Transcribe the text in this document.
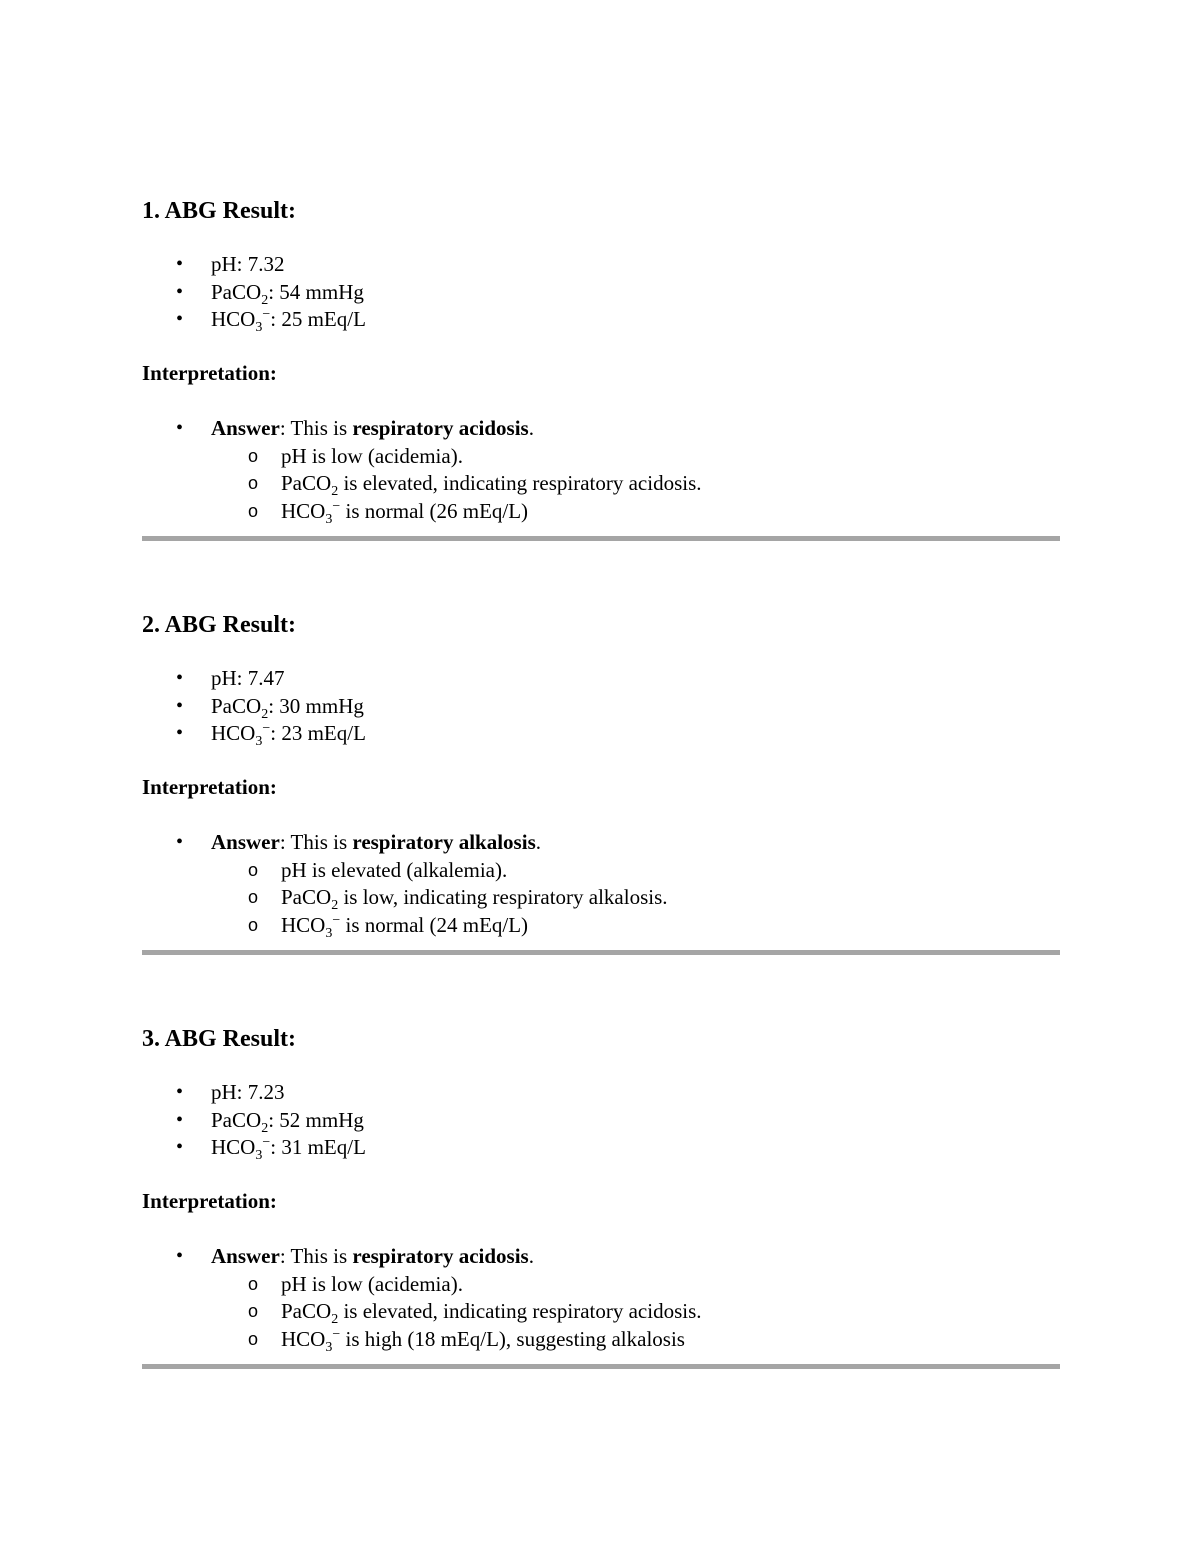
1. ABG Result:
• pH: 7.32
• PaCO$_2$: 54 mmHg
• $HCO_3^-$: 25 mEq/L

Interpretation:

• Answer: This is respiratory acidosis.
o pH is low (acidemia).
o PaCO$_2$ is elevated, indicating respiratory acidosis.
o $HCO_3^-$ is normal (26 mEq/L)
2. ABG Result:
• pH: 7.47
• PaCO$_2$: 30 mmHg
• $HCO_3^-$: 23 mEq/L

Interpretation:

• Answer: This is respiratory alkalosis.
o pH is elevated (alkalemia).
o PaCO$_2$ is low, indicating respiratory alkalosis.
o $HCO_3^-$ is normal (24 mEq/L)
3. ABG Result:
• pH: 7.23
• PaCO$_2$: 52 mmHg
• $HCO_3^-$: 31 mEq/L

Interpretation:

• Answer: This is respiratory acidosis.
o pH is low (acidemia).
o PaCO$_2$ is elevated, indicating respiratory acidosis.
o $HCO_3^-$ is high (18 mEq/L), suggesting alkalosis
